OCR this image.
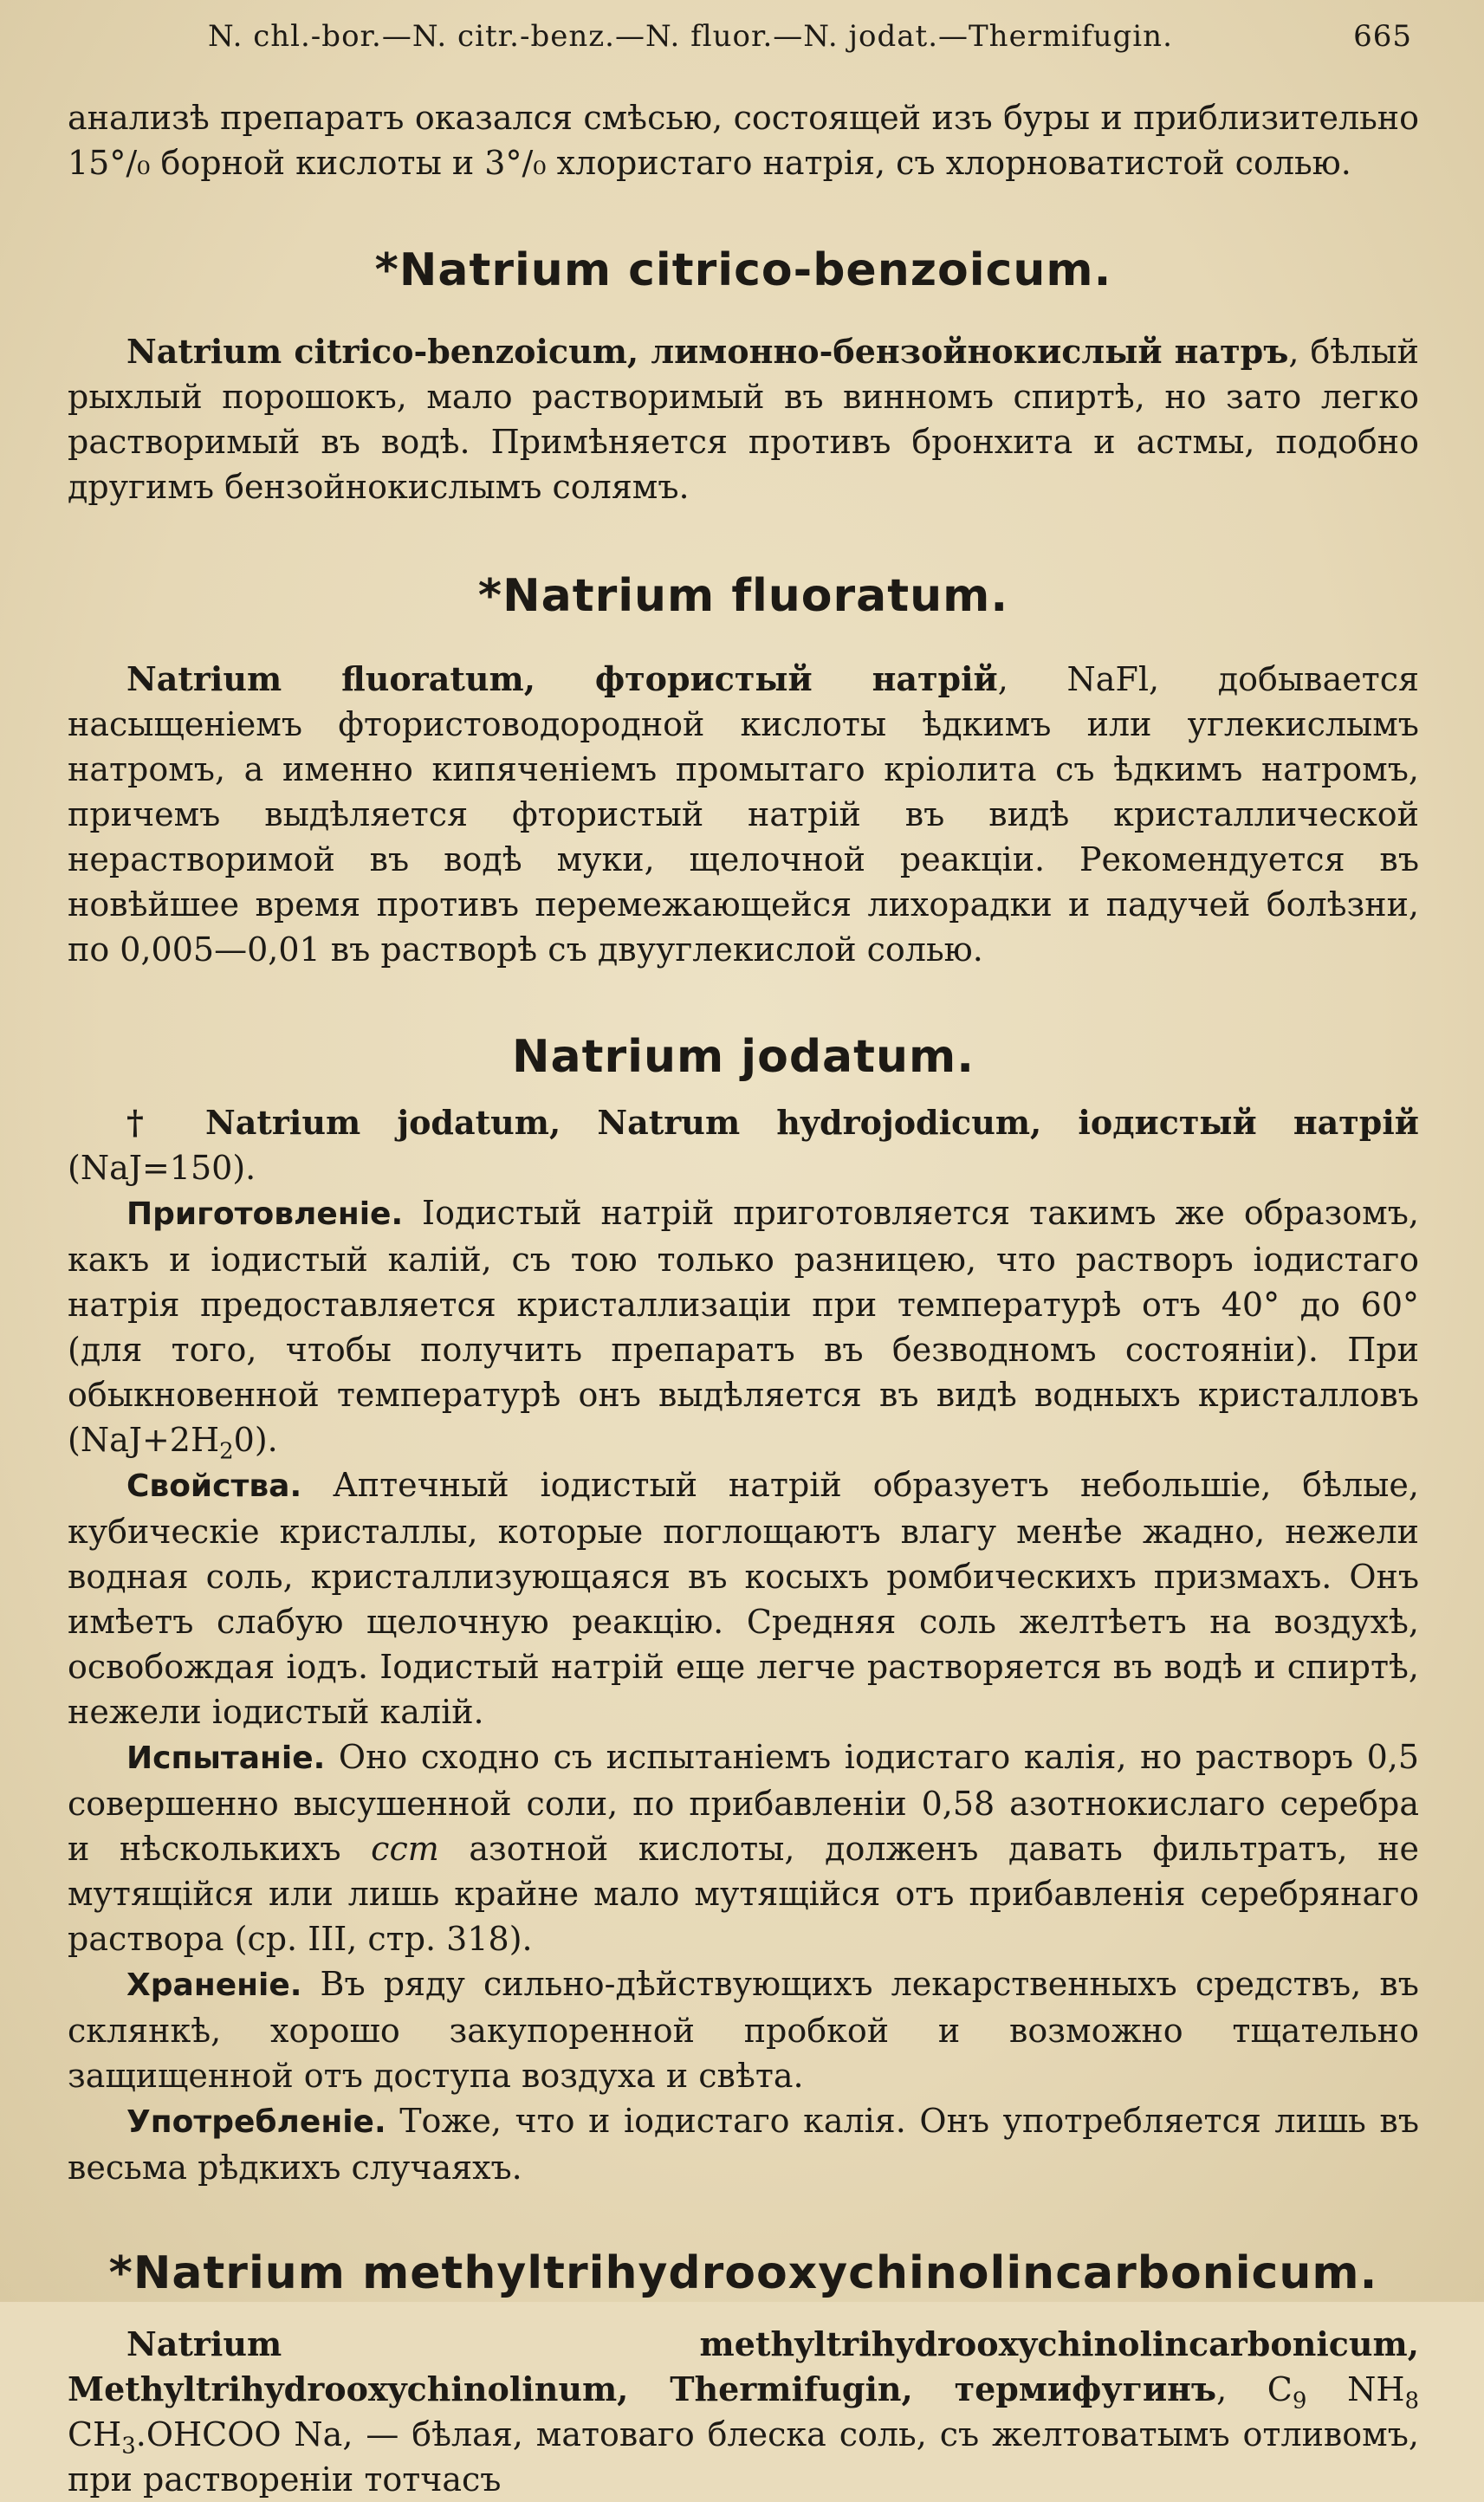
N. chl.-bor.—N. citr.-benz.—N. fluor.—N. jodat.—Thermifugin.	665

анализѣ препаратъ оказался смѣсью, состоящей изъ буры и приблизительно 15°/₀ борной кислоты и 3°/₀ хлористаго натрія, съ хлорноватистой солью.

*Natrium citrico-benzoicum.

Natrium citrico-benzoicum, лимонно-бензойнокислый натръ, бѣлый рыхлый порошокъ, мало растворимый въ винномъ спиртѣ, но зато легко растворимый въ водѣ. Примѣняется противъ бронхита и астмы, подобно другимъ бензойнокислымъ солямъ.

*Natrium fluoratum.

Natrium fluoratum, фтористый натрій, NaFl, добывается насыщеніемъ фтористоводородной кислоты ѣдкимъ или углекислымъ натромъ, а именно кипяченіемъ промытаго кріолита съ ѣдкимъ натромъ, причемъ выдѣляется фтористый натрій въ видѣ кристаллической нерастворимой въ водѣ муки, щелочной реакціи. Рекомендуется въ новѣйшее время противъ перемежающейся лихорадки и падучей болѣзни, по 0,005—0,01 въ растворѣ съ двууглекислой солью.

Natrium jodatum.

† Natrium jodatum, Natrum hydrojodicum, іодистый натрій (NaJ=150).

Приготовленіе. Іодистый натрій приготовляется такимъ же образомъ, какъ и іодистый калій, съ тою только разницею, что растворъ іодистаго натрія предоставляется кристаллизаціи при температурѣ отъ 40° до 60° (для того, чтобы получить препаратъ въ безводномъ состояніи). При обыкновенной температурѣ онъ выдѣляется въ видѣ водныхъ кристалловъ $(NaJ+2H_20)$.

Свойства. Аптечный іодистый натрій образуетъ небольшіе, бѣлые, кубическіе кристаллы, которые поглощаютъ влагу менѣе жадно, нежели водная соль, кристаллизующаяся въ косыхъ ромбическихъ призмахъ. Онъ имѣетъ слабую щелочную реакцію. Средняя соль желтѣетъ на воздухѣ, освобождая іодъ. Іодистый натрій еще легче растворяется въ водѣ и спиртѣ, нежели іодистый калій.

Испытаніе. Оно сходно съ испытаніемъ іодистаго калія, но растворъ 0,5 совершенно высушенной соли, по прибавленіи 0,58 азотнокислаго серебра и нѣсколькихъ ccm азотной кислоты, долженъ давать фильтратъ, не мутящійся или лишь крайне мало мутящійся отъ прибавленія серебрянаго раствора (ср. III, стр. 318).

Храненіе. Въ ряду сильно-дѣйствующихъ лекарственныхъ средствъ, въ склянкѣ, хорошо закупоренной пробкой и возможно тщательно защищенной отъ доступа воздуха и свѣта.

Употребленіе. Тоже, что и іодистаго калія. Онъ употребляется лишь въ весьма рѣдкихъ случаяхъ.

*Natrium methyltrihydrooxychinolincarbonicum.

Natrium methyltrihydrooxychinolincarbonicum, Methyltrihydrooxychinolinum, Thermifugin, термифугинъ, $C_9$ $NH_8$ $CH_3.OHCOO$ Na, — бѣлая, матоваго блеска соль, съ желтоватымъ отливомъ, при раствореніи тотчасъ
